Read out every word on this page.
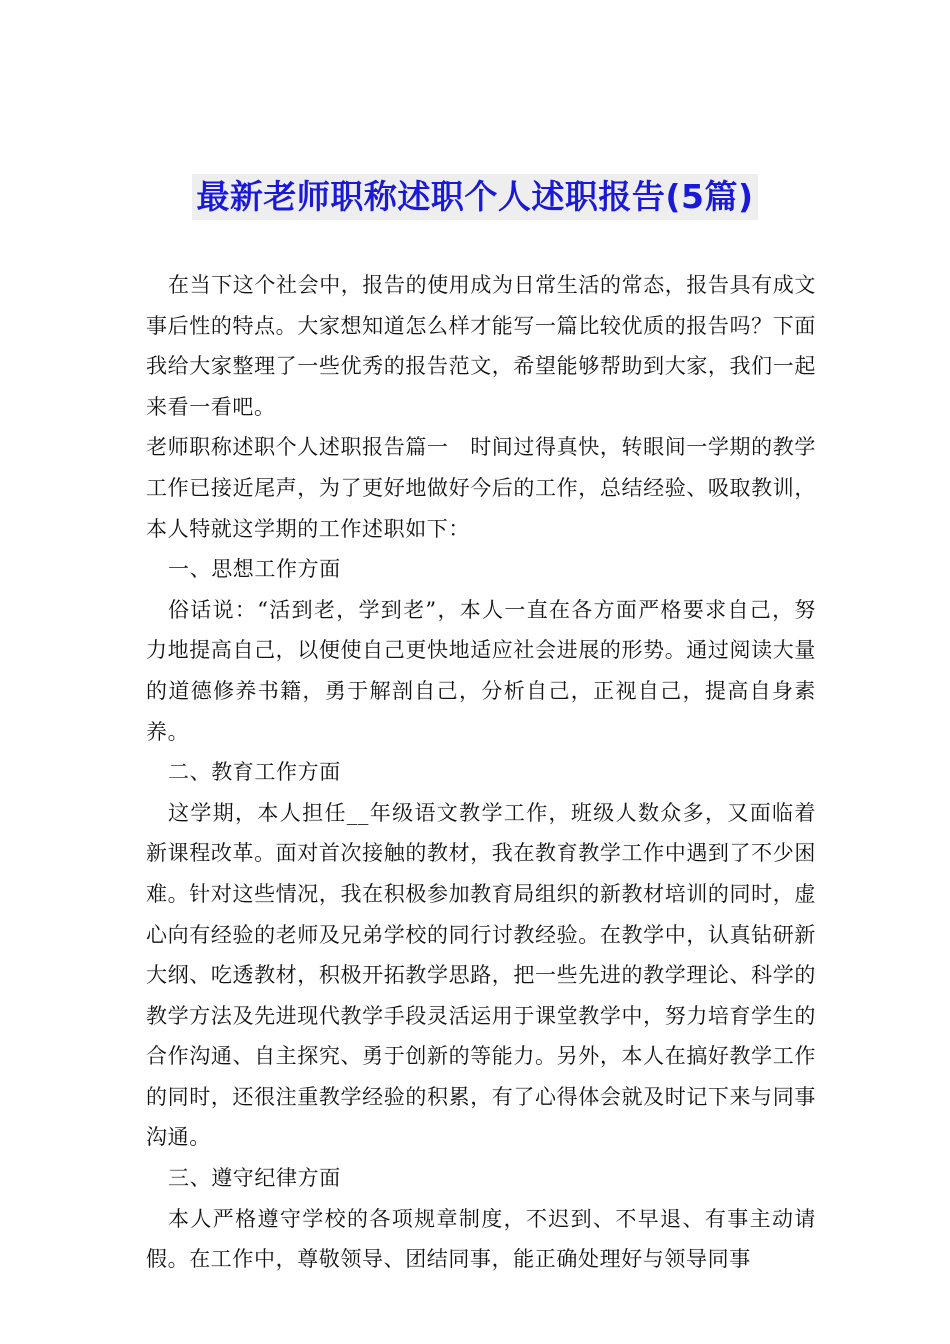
最新老师职称述职个人述职报告(5篇)

在当下这个社会中，报告的使用成为日常生活的常态，报告具有成文事后性的特点。大家想知道怎么样才能写一篇比较优质的报告吗？下面我给大家整理了一些优秀的报告范文，希望能够帮助到大家，我们一起来看一看吧。

老师职称述职个人述职报告篇一　时间过得真快，转眼间一学期的教学工作已接近尾声，为了更好地做好今后的工作，总结经验、吸取教训，本人特就这学期的工作述职如下：

一、思想工作方面

俗话说：“活到老，学到老”，本人一直在各方面严格要求自己，努力地提高自己，以便使自己更快地适应社会进展的形势。通过阅读大量的道德修养书籍，勇于解剖自己，分析自己，正视自己，提高自身素养。

二、教育工作方面

这学期，本人担任__年级语文教学工作，班级人数众多，又面临着新课程改革。面对首次接触的教材，我在教育教学工作中遇到了不少困难。针对这些情况，我在积极参加教育局组织的新教材培训的同时，虚心向有经验的老师及兄弟学校的同行讨教经验。在教学中，认真钻研新大纲、吃透教材，积极开拓教学思路，把一些先进的教学理论、科学的教学方法及先进现代教学手段灵活运用于课堂教学中，努力培育学生的合作沟通、自主探究、勇于创新的等能力。另外，本人在搞好教学工作的同时，还很注重教学经验的积累，有了心得体会就及时记下来与同事沟通。

三、遵守纪律方面

本人严格遵守学校的各项规章制度，不迟到、不早退、有事主动请假。在工作中，尊敬领导、团结同事，能正确处理好与领导同事
